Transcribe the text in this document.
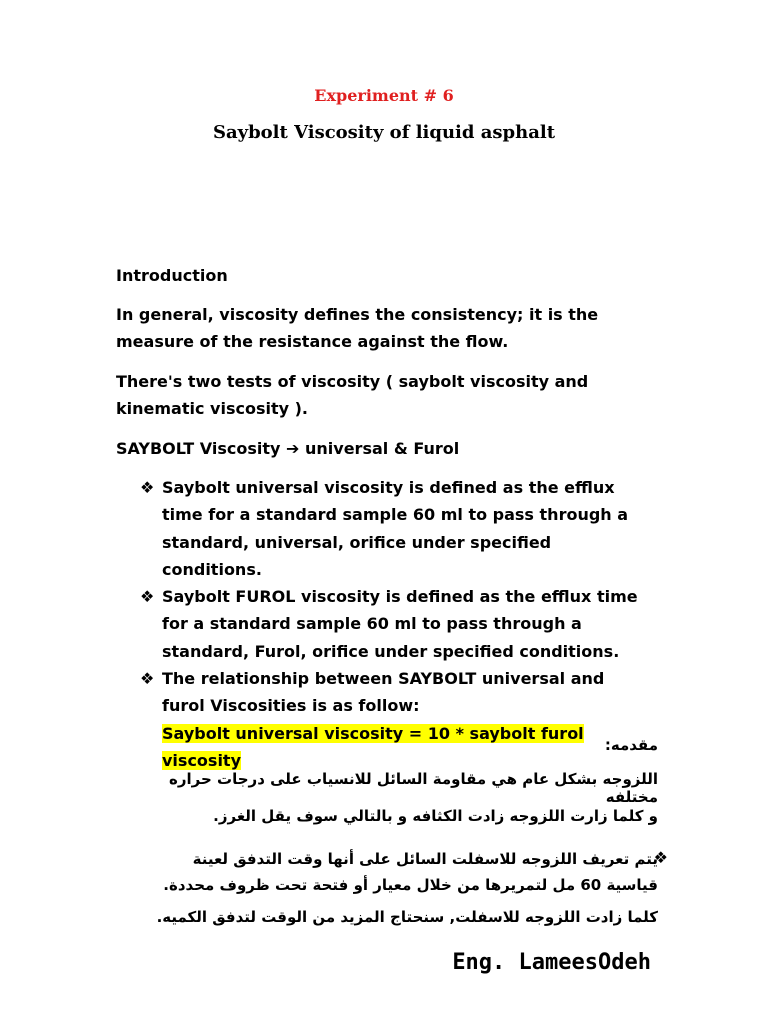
Experiment # 6
Saybolt Viscosity of liquid asphalt
Introduction
In general, viscosity defines the consistency; it is the measure of the resistance against the flow.
There's two tests of viscosity ( saybolt viscosity and kinematic viscosity ).
SAYBOLT Viscosity ➔ universal & Furol
❖ Saybolt universal viscosity is defined as the efflux time for a standard sample 60 ml to pass through a standard, universal, orifice under specified conditions.
❖ Saybolt FUROL viscosity is defined as the efflux time for a standard sample 60 ml to pass through a standard, Furol, orifice under specified conditions.
❖ The relationship between SAYBOLT universal and furol Viscosities is as follow:
Saybolt universal viscosity = 10 * saybolt furol viscosity
مقدمه:
اللزوجه بشكل عام هي مقاومة السائل للانسياب على درجات حراره مختلفه
و كلما زارت اللزوجه زادت الكثافه و بالتالي سوف يقل الغرز.
❖
يتم تعريف اللزوجه للاسفلت السائل على أنها وقت التدفق لعينة قياسية 60 مل لتمريرها من خلال معيار أو فتحة تحت ظروف محددة.
كلما زادت اللزوجه للاسفلت, سنحتاج المزيد من الوقت لتدفق الكميه.
Eng. LameesOdeh
